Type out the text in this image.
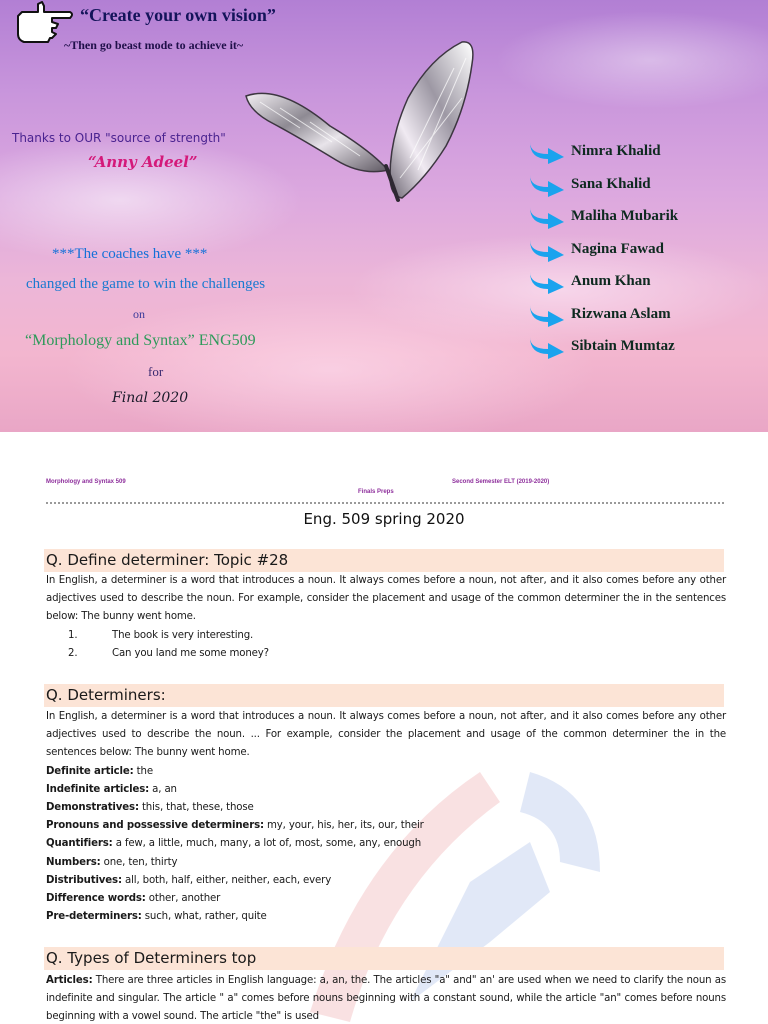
“Create your own vision”
~Then go beast mode to achieve it~
Thanks to OUR "source of strength"
“Anny Adeel”
***The coaches have ***
changed the game to win the challenges
on
“Morphology and Syntax” ENG509
for
Final 2020
Nimra Khalid
Sana Khalid
Maliha Mubarik
Nagina Fawad
Anum Khan
Rizwana Aslam
Sibtain Mumtaz
Morphology and Syntax 509
Finals Preps
Second Semester ELT (2019-2020)
Eng. 509 spring 2020
Q. Define determiner: Topic #28

In English, a determiner is a word that introduces a noun. It always comes before a noun, not after, and it also comes before any other adjectives used to describe the noun. For example, consider the placement and usage of the common determiner the in the sentences below: The bunny went home.

1.	The book is very interesting.
2.	Can you land me some money?
Q. Determiners:

In English, a determiner is a word that introduces a noun. It always comes before a noun, not after, and it also comes before any other adjectives used to describe the noun. ... For example, consider the placement and usage of the common determiner the in the sentences below: The bunny went home.

Definite article: the
Indefinite articles: a, an
Demonstratives: this, that, these, those
Pronouns and possessive determiners: my, your, his, her, its, our, their
Quantifiers: a few, a little, much, many, a lot of, most, some, any, enough
Numbers: one, ten, thirty
Distributives: all, both, half, either, neither, each, every
Difference words: other, another
Pre-determiners: such, what, rather, quite
Q. Types of Determiners top

Articles: There are three articles in English language: a, an, the. The articles "a" and" an' are used when we need to clarify the noun as indefinite and singular. The article " a" comes before nouns beginning with a constant sound, while the article "an" comes before nouns beginning with a vowel sound. The article "the" is used
